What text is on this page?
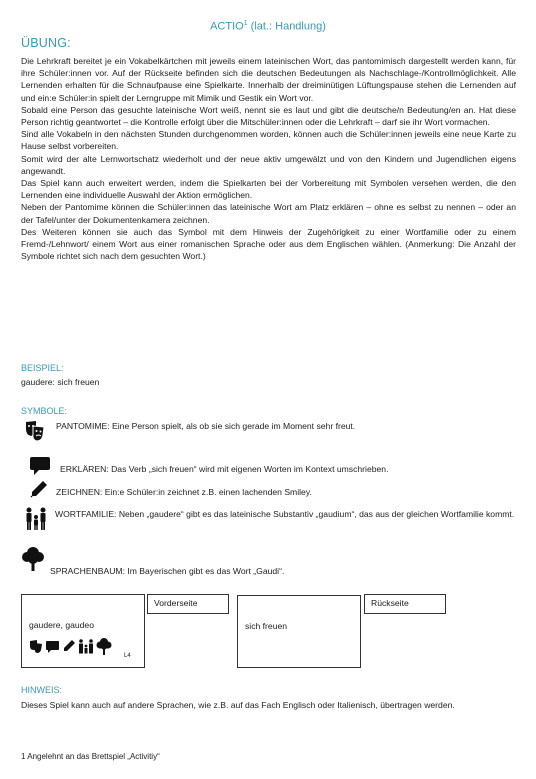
ACTIO$^1$ (lat.: Handlung)
ÜBUNG:

Die Lehrkraft bereitet je ein Vokabelkärtchen mit jeweils einem lateinischen Wort, das pantomimisch dargestellt werden kann, für ihre Schüler:innen vor. Auf der Rückseite befinden sich die deutschen Bedeutungen als Nachschlage-/Kontrollmöglichkeit. Alle Lernenden erhalten für die Schnaufpause eine Spielkarte. Innerhalb der dreiminütigen Lüftungspause stehen die Lernenden auf und ein:e Schüler:in spielt der Lerngruppe mit Mimik und Gestik ein Wort vor.

Sobald eine Person das gesuchte lateinische Wort weiß, nennt sie es laut und gibt die deutsche/n Bedeutung/en an. Hat diese Person richtig geantwortet – die Kontrolle erfolgt über die Mitschüler:innen oder die Lehrkraft – darf sie ihr Wort vormachen.

Sind alle Vokabeln in den nächsten Stunden durchgenommen worden, können auch die Schüler:innen jeweils eine neue Karte zu Hause selbst vorbereiten.

Somit wird der alte Lernwortschatz wiederholt und der neue aktiv umgewälzt und von den Kindern und Jugendlichen eigens angewandt.

Das Spiel kann auch erweitert werden, indem die Spielkarten bei der Vorbereitung mit Symbolen versehen werden, die den Lernenden eine individuelle Auswahl der Aktion ermöglichen.

Neben der Pantomime können die Schüler:innen das lateinische Wort am Platz erklären – ohne es selbst zu nennen – oder an der Tafel/unter der Dokumentenkamera zeichnen.

Des Weiteren können sie auch das Symbol mit dem Hinweis der Zugehörigkeit zu einer Wortfamilie oder zu einem Fremd-/Lehnwort/ einem Wort aus einer romanischen Sprache oder aus dem Englischen wählen. (Anmerkung: Die Anzahl der Symbole richtet sich nach dem gesuchten Wort.)

BEISPIEL:
gaudere: sich freuen
SYMBOLE:
PANTOMIME: Eine Person spielt, als ob sie sich gerade im Moment sehr freut.
ERKLÄREN: Das Verb „sich freuen“ wird mit eigenen Worten im Kontext umschrieben.
ZEICHNEN: Ein:e Schüler:in zeichnet z.B. einen lachenden Smiley.
WORTFAMILIE: Neben „gaudere“ gibt es das lateinische Substantiv „gaudium“, das aus der gleichen Wortfamilie kommt.
SPRACHENBAUM: Im Bayerischen gibt es das Wort „Gaudi“.
gaudere, gaudeo
L4
Vorderseite
sich freuen
Rückseite
HINWEIS:
Dieses Spiel kann auch auf andere Sprachen, wie z.B. auf das Fach Englisch oder Italienisch, übertragen werden.
1 Angelehnt an das Brettspiel „Activitiy“
